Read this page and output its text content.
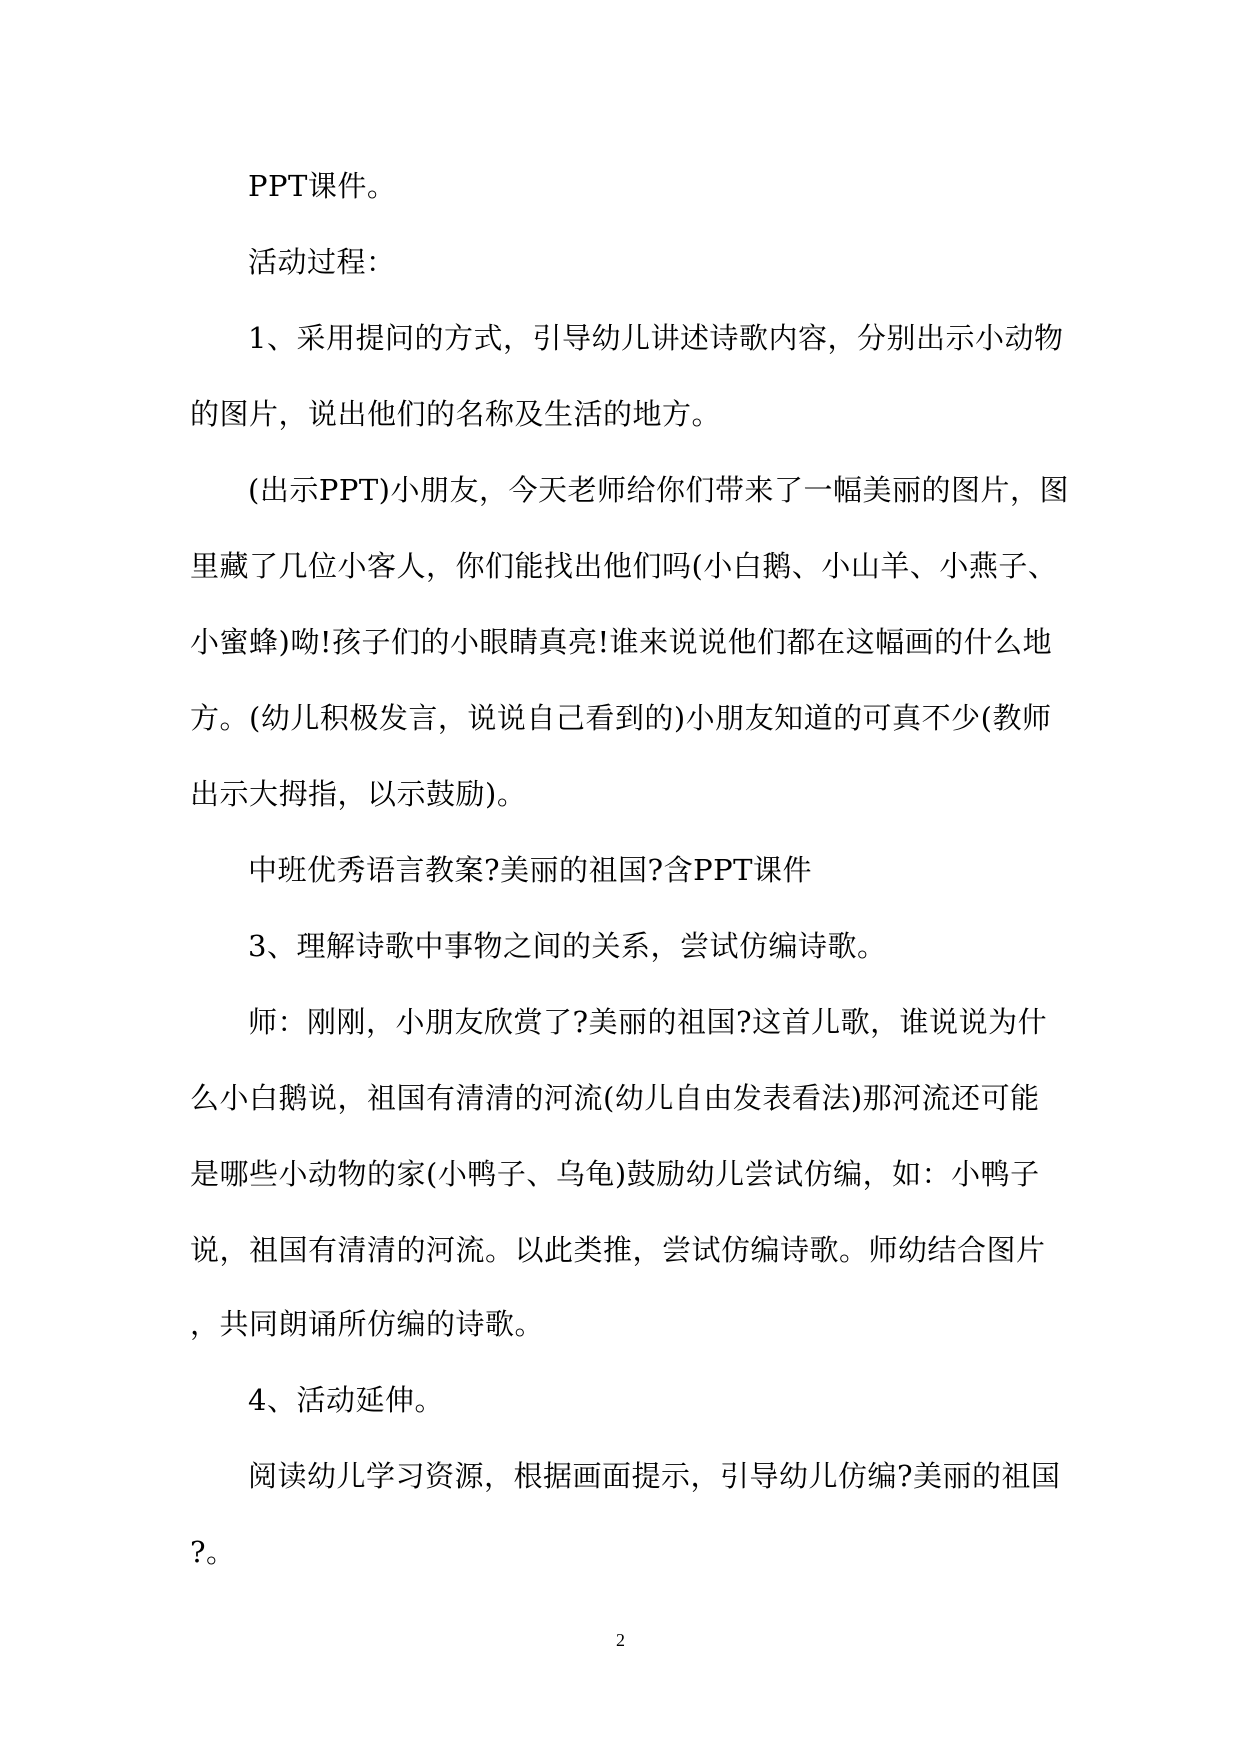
PPT课件。
活动过程：
1、采用提问的方式，引导幼儿讲述诗歌内容，分别出示小动物
的图片，说出他们的名称及生活的地方。
(出示PPT)小朋友，今天老师给你们带来了一幅美丽的图片，图
里藏了几位小客人，你们能找出他们吗(小白鹅、小山羊、小燕子、
小蜜蜂)呦!孩子们的小眼睛真亮!谁来说说他们都在这幅画的什么地
方。(幼儿积极发言，说说自己看到的)小朋友知道的可真不少(教师
出示大拇指，以示鼓励)。
中班优秀语言教案?美丽的祖国?含PPT课件
3、理解诗歌中事物之间的关系，尝试仿编诗歌。
师：刚刚，小朋友欣赏了?美丽的祖国?这首儿歌，谁说说为什
么小白鹅说，祖国有清清的河流(幼儿自由发表看法)那河流还可能
是哪些小动物的家(小鸭子、乌龟)鼓励幼儿尝试仿编，如：小鸭子
说，祖国有清清的河流。以此类推，尝试仿编诗歌。师幼结合图片
，共同朗诵所仿编的诗歌。
4、活动延伸。
阅读幼儿学习资源，根据画面提示，引导幼儿仿编?美丽的祖国
?。
2
